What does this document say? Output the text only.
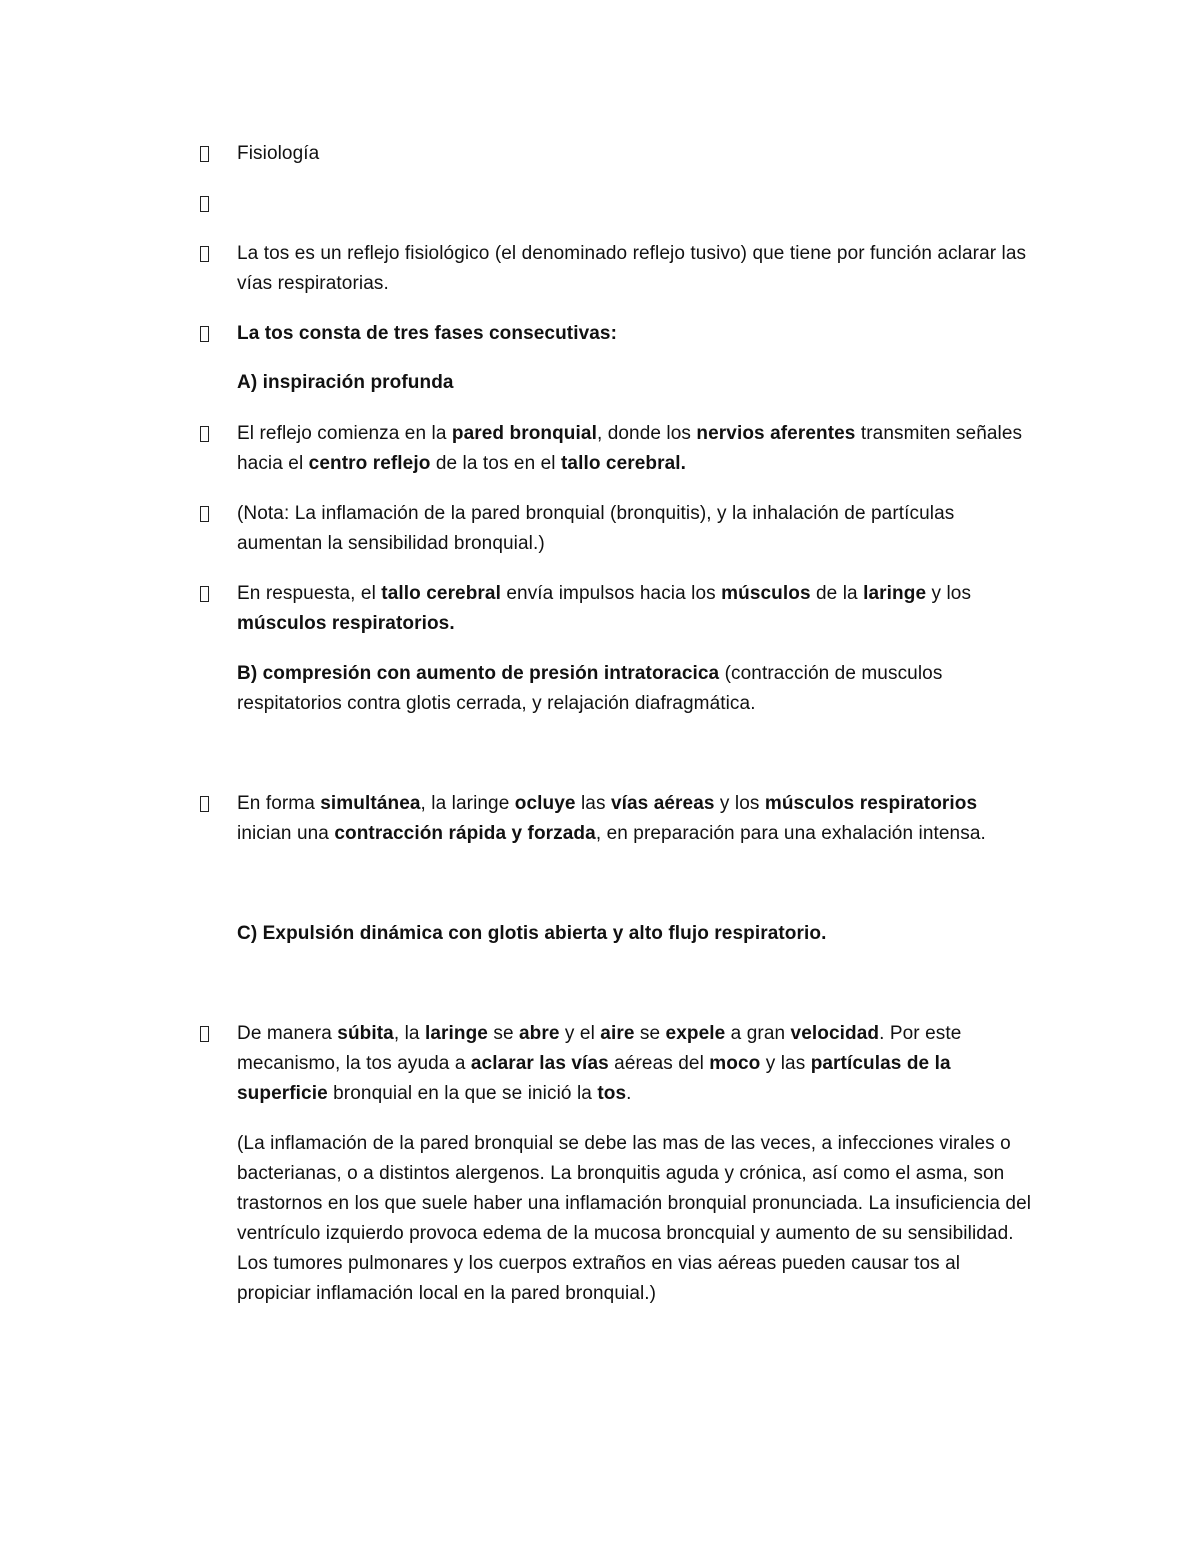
Fisiología

La tos es un reflejo fisiológico (el denominado reflejo tusivo) que tiene por función aclarar las vías respiratorias.

La tos consta de tres fases consecutivas:

A) inspiración profunda

El reflejo comienza en la pared bronquial, donde los nervios aferentes transmiten señales hacia el centro reflejo de la tos en el tallo cerebral.

(Nota: La inflamación de la pared bronquial (bronquitis), y la inhalación de partículas aumentan la sensibilidad bronquial.)

En respuesta, el tallo cerebral envía impulsos hacia los músculos de la laringe y los músculos respiratorios.

B) compresión con aumento de presión intratoracica (contracción de musculos respitatorios contra glotis cerrada, y relajación diafragmática.

En forma simultánea, la laringe ocluye las vías aéreas y los músculos respiratorios inician una contracción rápida y forzada, en preparación para una exhalación intensa.

C) Expulsión dinámica con glotis abierta y alto flujo respiratorio.

De manera súbita, la laringe se abre y el aire se expele a gran velocidad. Por este mecanismo, la tos ayuda a aclarar las vías aéreas del moco y las partículas de la superficie bronquial en la que se inició la tos.

(La inflamación de la pared bronquial se debe las mas de las veces, a infecciones virales o bacterianas, o a distintos alergenos. La bronquitis aguda y crónica, así como el asma, son trastornos en los que suele haber una inflamación bronquial pronunciada. La insuficiencia del ventrículo izquierdo provoca edema de la mucosa broncquial y aumento de su sensibilidad. Los tumores pulmonares y los cuerpos extraños en vias aéreas pueden causar tos al propiciar inflamación local en la pared bronquial.)
